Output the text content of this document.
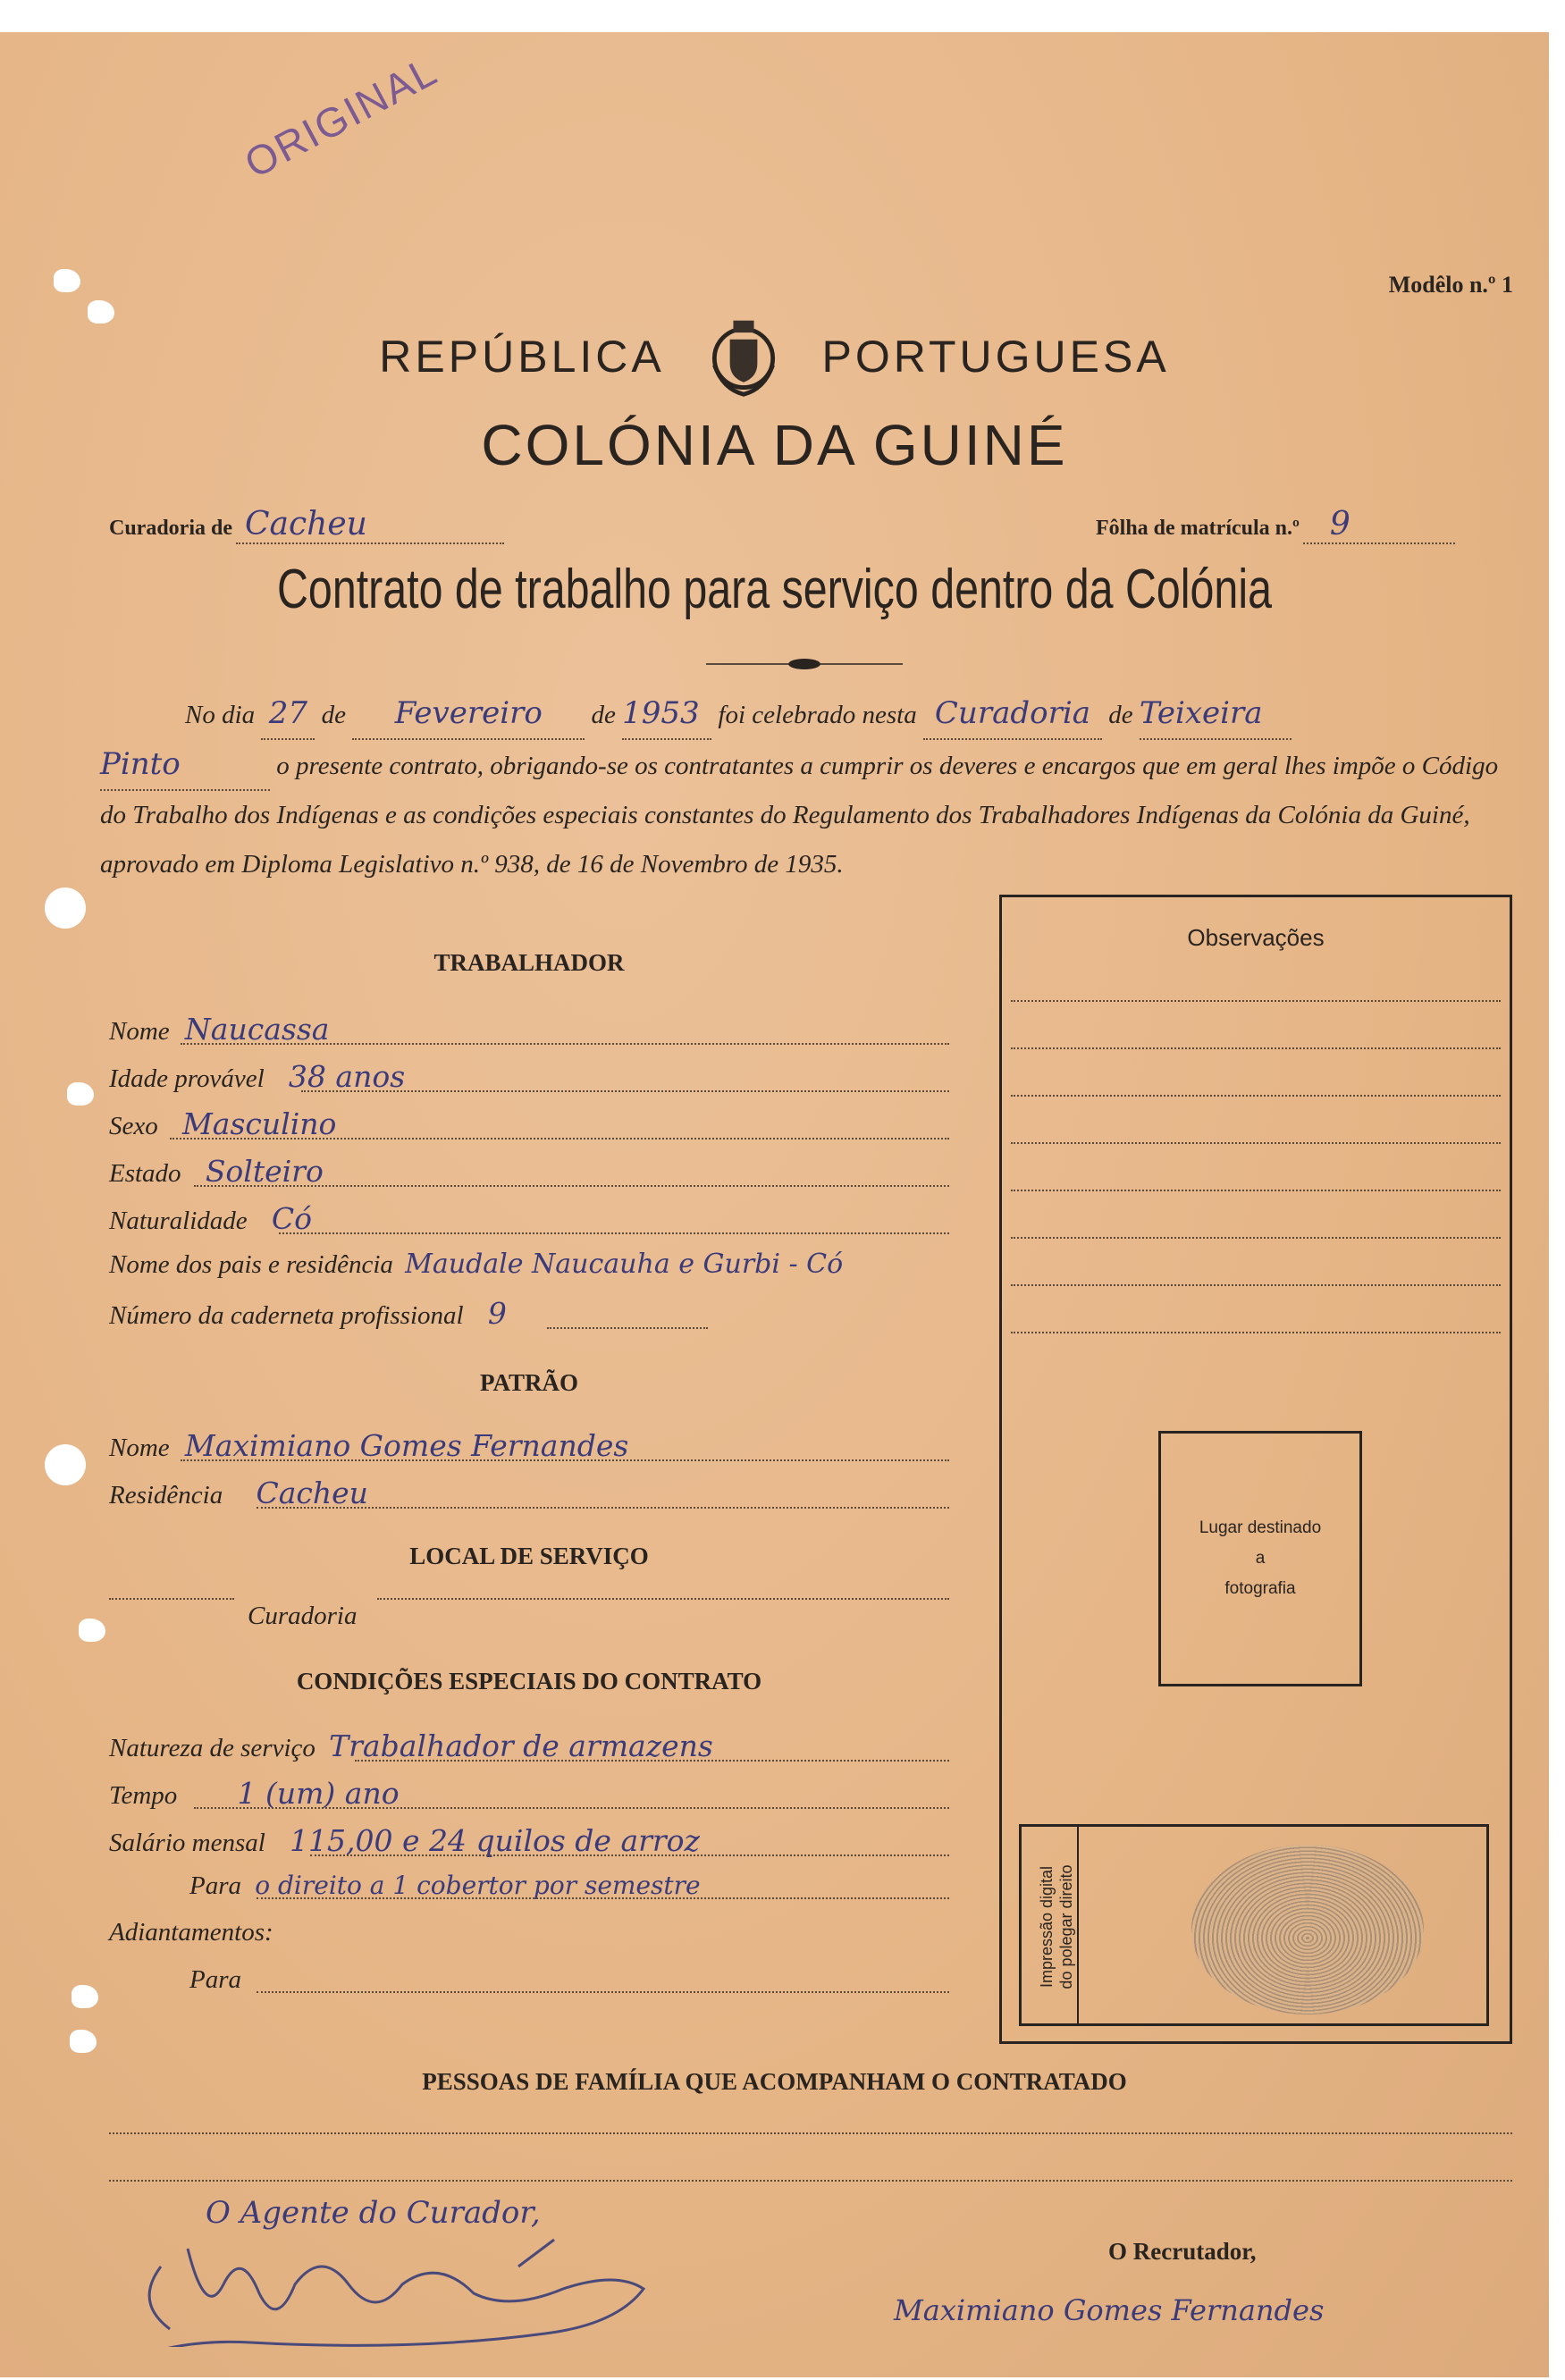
ORIGINAL
Modêlo n.º 1
REPÚBLICA	PORTUGUESA
COLÓNIA DA GUINÉ
Curadoria de Cacheu	Fôlha de matrícula n.º 9
Contrato de trabalho para serviço dentro da Colónia
No dia 27 de Fevereiro de 1953 foi celebrado nesta Curadoria de Teixeira
Pinto	o presente contrato, obrigando-se os contratantes a cumprir os deveres e encargos que em geral lhes impõe o Código do Trabalho dos Indígenas e as condições especiais constantes do Regulamento dos Trabalhadores Indígenas da Colónia da Guiné, aprovado em Diploma Legislativo n.º 938, de 16 de Novembro de 1935.
TRABALHADOR
Nome Naucassa
Idade provável 38 anos
Sexo Masculino
Estado Solteiro
Naturalidade Có
Nome dos pais e residência Maudale Naucauha e Gurbi - Có
Número da caderneta profissional 9
PATRÃO
Nome Maximiano Gomes Fernandes
Residência Cacheu
LOCAL DE SERVIÇO
Curadoria
CONDIÇÕES ESPECIAIS DO CONTRATO
Natureza de serviço Trabalhador de armazens
Tempo 1 (um) ano
Salário mensal 115,00 e 24 quilos de arroz
Para o direito a 1 cobertor por semestre
Adiantamentos:
Para
Observações
Lugar destinado
a
fotografia
Impressão digital do polegar direito
PESSOAS DE FAMÍLIA QUE ACOMPANHAM O CONTRATADO
O Agente do Curador,
O Recrutador,
Maximiano Gomes Fernandes
